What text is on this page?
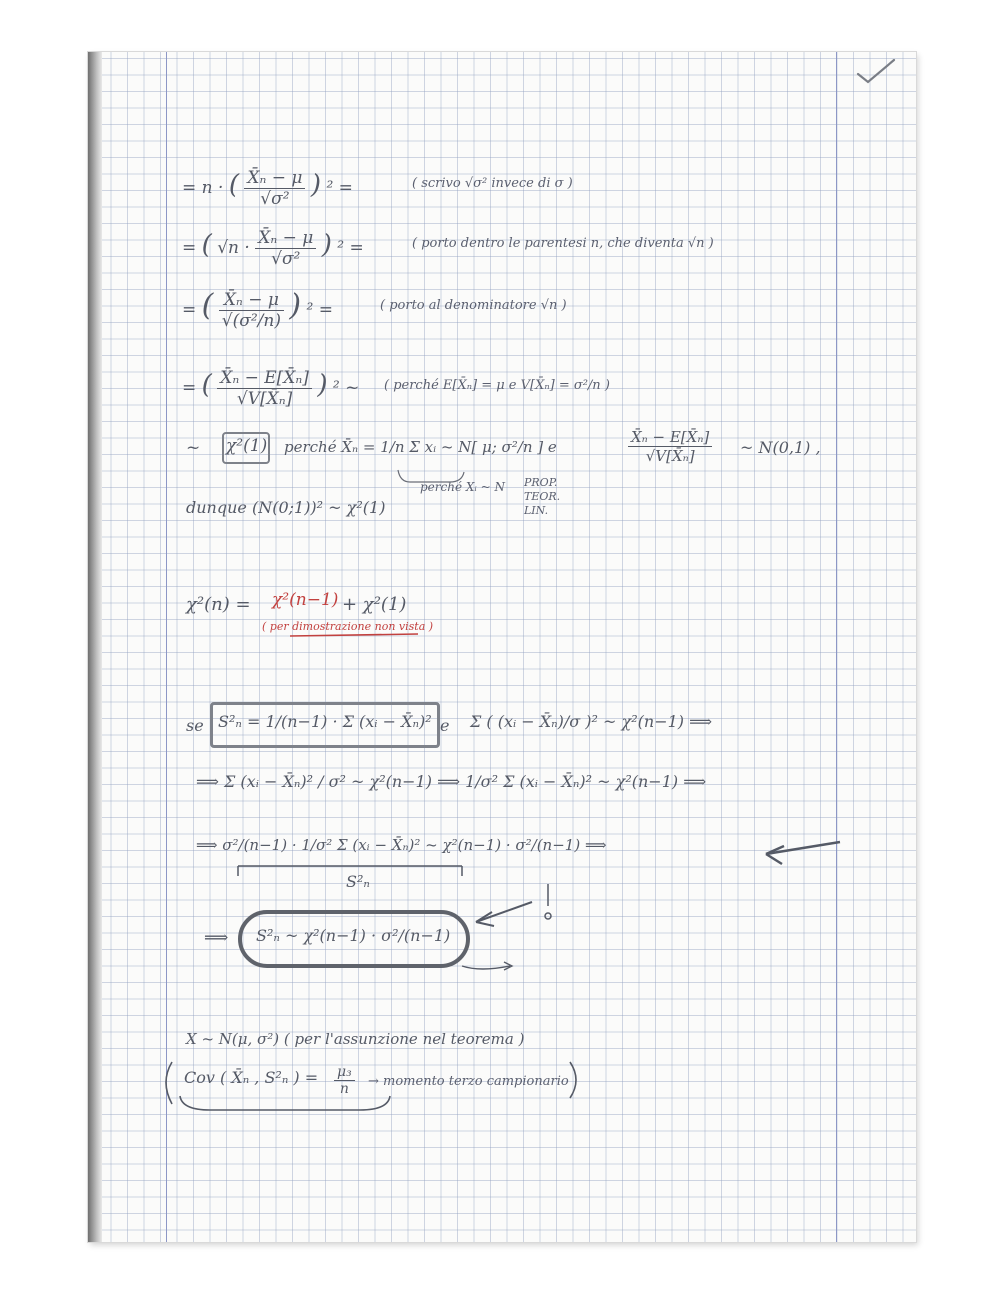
= n · ( $\frac{\text{X̄ₙ − μ}}{\text{√σ²}}$ ) ² =	( scrivo √σ² invece di σ )
= ( $√n \cdot \frac{\text{X̄ₙ − μ}}{\text{√σ²}}$ ) ² =	( porto dentro le parentesi n, che diventa √n )
= ( $\frac{\text{X̄ₙ − μ}}{\text{√(σ²/n)}}$ ) ² =	( porto al denominatore √n )
= ( $\frac{\text{X̄ₙ − E[X̄ₙ]}}{\text{√V[X̄ₙ]}}$ ) ² ~ ( perché E[X̄ₙ] = μ e V[X̄ₙ] = σ²/n )
~ χ²(1) perché X̄ₙ = 1/n Σ xᵢ ~ N[ μ; σ²/n ] e	$\frac{\text{X̄ₙ − E[X̄ₙ]}}{\text{√V[X̄ₙ]}}$ ~ N(0,1) ,
perché Xᵢ ~ N PROP.
TEOR.
LIN.
dunque (N(0;1))² ~ χ²(1)
χ²(n) = χ²(n−1) + χ²(1)
( per dimostrazione non vista )
se S²ₙ = 1/(n−1) · Σ (xᵢ − X̄ₙ)² e Σ ( (xᵢ − X̄ₙ)/σ )² ~ χ²(n−1) ⟹
⟹ Σ (xᵢ − X̄ₙ)² / σ² ~ χ²(n−1) ⟹ 1/σ² Σ (xᵢ − X̄ₙ)² ~ χ²(n−1) ⟹
⟹ σ²/(n−1) · 1/σ² Σ (xᵢ − X̄ₙ)² ~ χ²(n−1) · σ²/(n−1) ⟹
S²ₙ
⟹ S²ₙ ~ χ²(n−1) · σ²/(n−1)
X ~ N(μ, σ²) ( per l'assunzione nel teorema )
Cov ( X̄ₙ , S²ₙ ) = $\frac{\text{μ₃}}{n}$ → momento terzo campionario
